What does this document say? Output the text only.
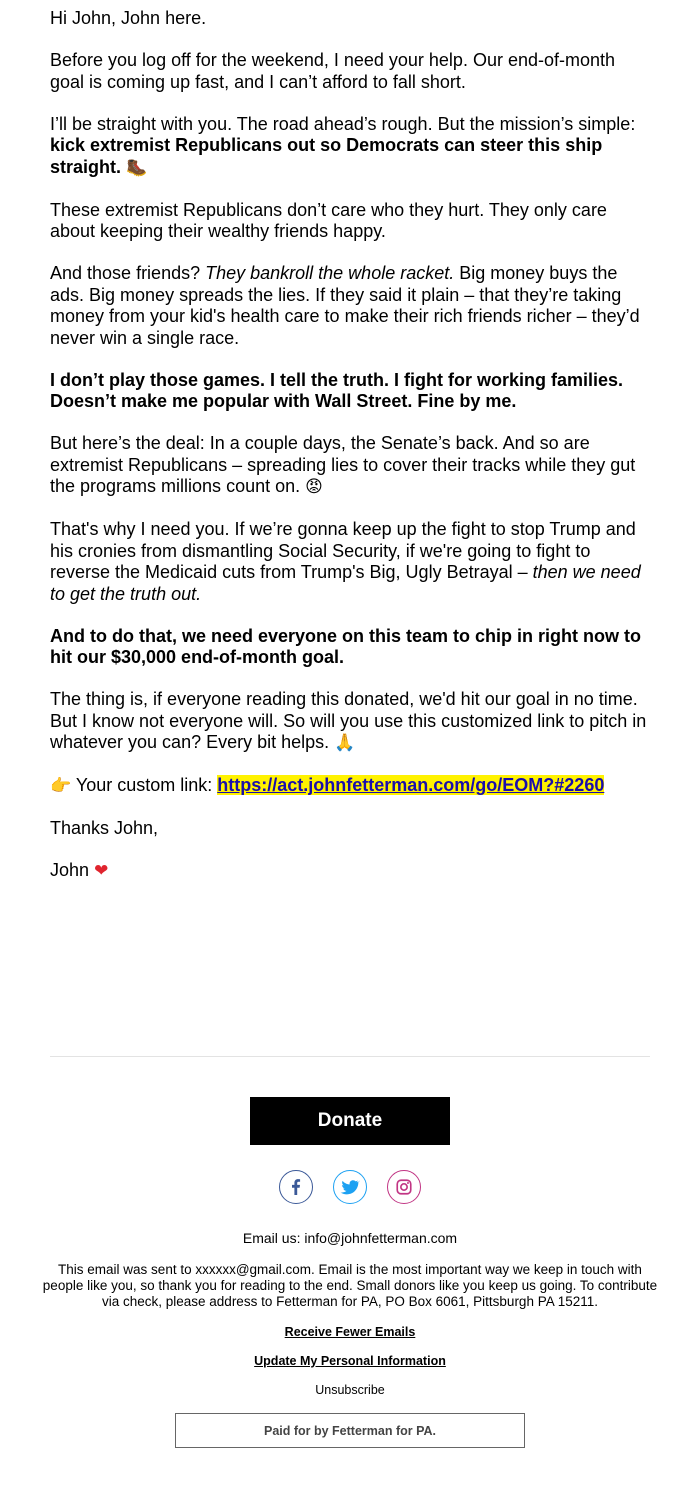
Hi John, John here.

Before you log off for the weekend, I need your help. Our end-of-month goal is coming up fast, and I can’t afford to fall short.

I’ll be straight with you. The road ahead’s rough. But the mission’s simple: kick extremist Republicans out so Democrats can steer this ship straight. 🥾

These extremist Republicans don’t care who they hurt. They only care about keeping their wealthy friends happy.

And those friends? They bankroll the whole racket. Big money buys the ads. Big money spreads the lies. If they said it plain – that they’re taking money from your kid's health care to make their rich friends richer – they’d never win a single race.

I don’t play those games. I tell the truth. I fight for working families. Doesn’t make me popular with Wall Street. Fine by me.

But here’s the deal: In a couple days, the Senate’s back. And so are extremist Republicans – spreading lies to cover their tracks while they gut the programs millions count on. 😡

That's why I need you. If we’re gonna keep up the fight to stop Trump and his cronies from dismantling Social Security, if we're going to fight to reverse the Medicaid cuts from Trump's Big, Ugly Betrayal – then we need to get the truth out.

And to do that, we need everyone on this team to chip in right now to hit our $30,000 end-of-month goal.

The thing is, if everyone reading this donated, we'd hit our goal in no time. But I know not everyone will. So will you use this customized link to pitch in whatever you can? Every bit helps. 🙏

👉 Your custom link: https://act.johnfetterman.com/go/EOM?#2260

Thanks John,

John ❤

Donate
Email us: info@johnfetterman.com
This email was sent to xxxxxx@gmail.com. Email is the most important way we keep in touch with people like you, so thank you for reading to the end. Small donors like you keep us going. To contribute via check, please address to Fetterman for PA, PO Box 6061, Pittsburgh PA 15211.
Receive Fewer Emails
Update My Personal Information
Unsubscribe
Paid for by Fetterman for PA.
